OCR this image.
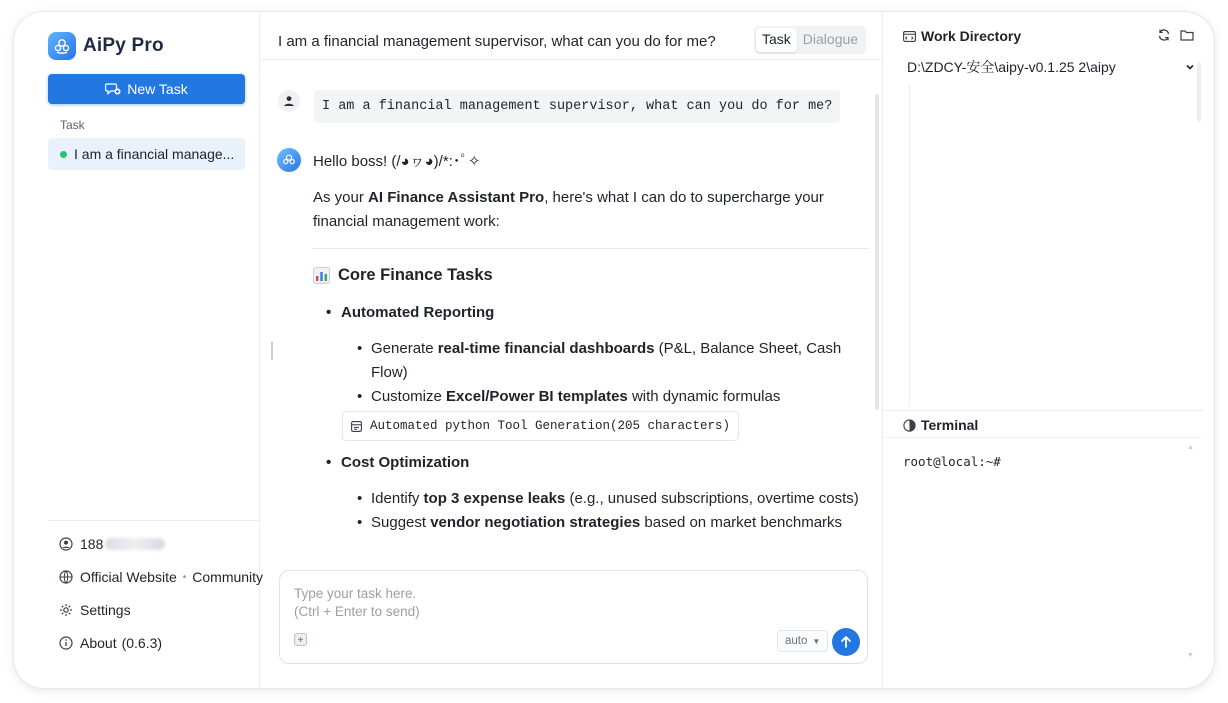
AiPy Pro
New Task
Task
I am a financial manage...
188
Official Website • Community
Settings
About (0.6.3)
I am a financial management supervisor, what can you do for me?	Task Dialogue
I am a financial management supervisor, what can you do for me?

Hello boss! (/◕ヮ◕)/*:･ﾟ✧

As your AI Finance Assistant Pro, here's what I can do to supercharge your financial management work:

Core Finance Tasks
• Automated Reporting
• Generate real-time financial dashboards (P&L, Balance Sheet, Cash Flow)
• Customize Excel/Power BI templates with dynamic formulas
Automated python Tool Generation(205 characters)
• Cost Optimization
• Identify top 3 expense leaks (e.g., unused subscriptions, overtime costs)
• Suggest vendor negotiation strategies based on market benchmarks
Type your task here. (Ctrl + Enter to send)
auto ▼
Work Directory
D:\ZDCY-安全\aipy-v0.1.25 2\aipy
Terminal
root@local:~#
▲
▼
